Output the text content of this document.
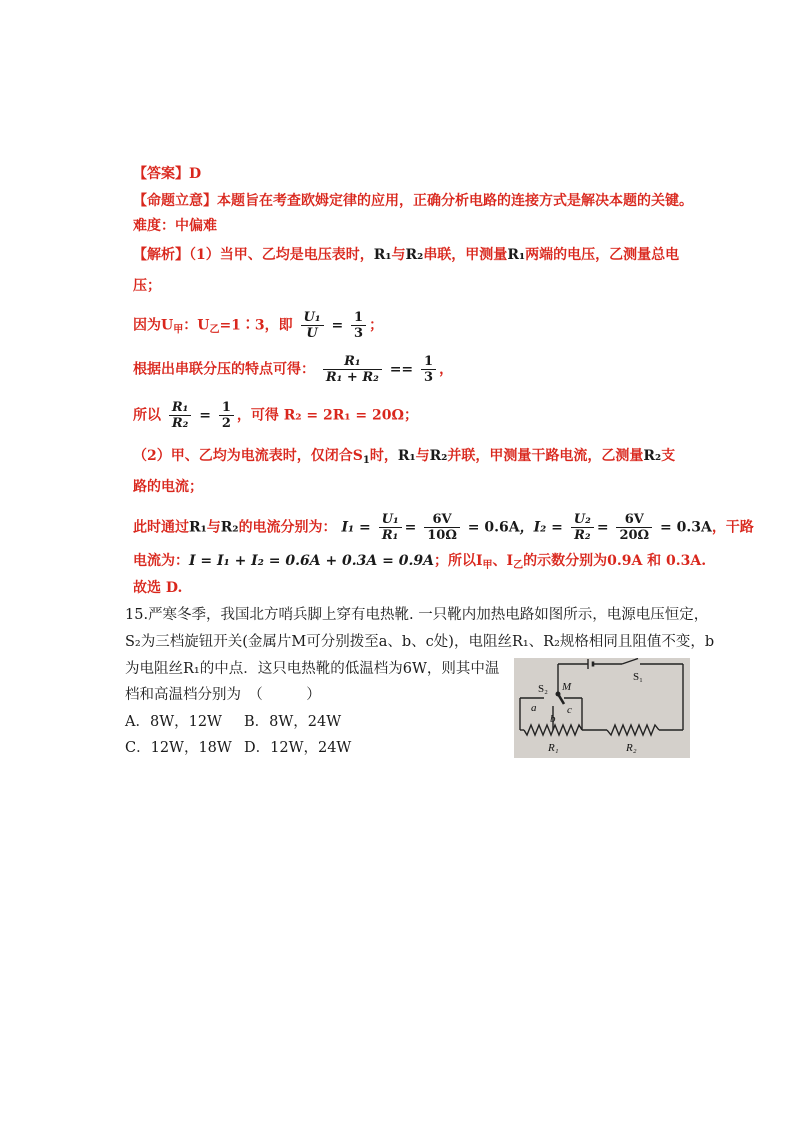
【答案】D
【命题立意】本题旨在考查欧姆定律的应用，正确分析电路的连接方式是解决本题的关键。
难度：中偏难
【解析】（1）当甲、乙均是电压表时，R₁与R₂串联，甲测量R₁两端的电压，乙测量总电
压；
因为$U_甲$：$U_乙=1∶3$，即 $\frac{\text{U₁}}{U} = \frac{1}{3}$ ；
根据出串联分压的特点可得： $\frac{\text{R₁}}{\text{R₁ + R₂}} == \frac{1}{3}$ ，
所以 $\frac{\text{R₁}}{\text{R₂}} = \frac{1}{2}$ ，可得 R₂ = 2R₁ = 20Ω；
（2）甲、乙均为电流表时，仅闭合$S_1$时，R₁与R₂并联，甲测量干路电流，乙测量R₂支
路的电流；
此时通过R₁与R₂的电流分别为： $I_1 = \frac{\text{U₁}}{\text{R₁}} = \frac{6V}{10\Omega} = 0.6A$，$I_2 = \frac{\text{U₂}}{\text{R₂}} = \frac{6V}{20\Omega} = 0.3A$，干路
电流为：I = I₁ + I₂ = 0.6A + 0.3A = 0.9A；所以$I_甲$、$I_乙$的示数分别为0.9A 和 0.3A.
故选 D.
15.严寒冬季，我国北方哨兵脚上穿有电热靴. 一只靴内加热电路如图所示，电源电压恒定，
S₂为三档旋钮开关(金属片M可分别拨至a、b、c处)，电阻丝R₁、R₂规格相同且阻值不变，b
为电阻丝R₁的中点．这只电热靴的低温档为6W，则其中温
档和高温档分别为　（　　　）
A．8W，12W B．8W，24W
C．12W，18W D．12W，24W
S₁
S₂ M
a
b
c
R₁	R₂
